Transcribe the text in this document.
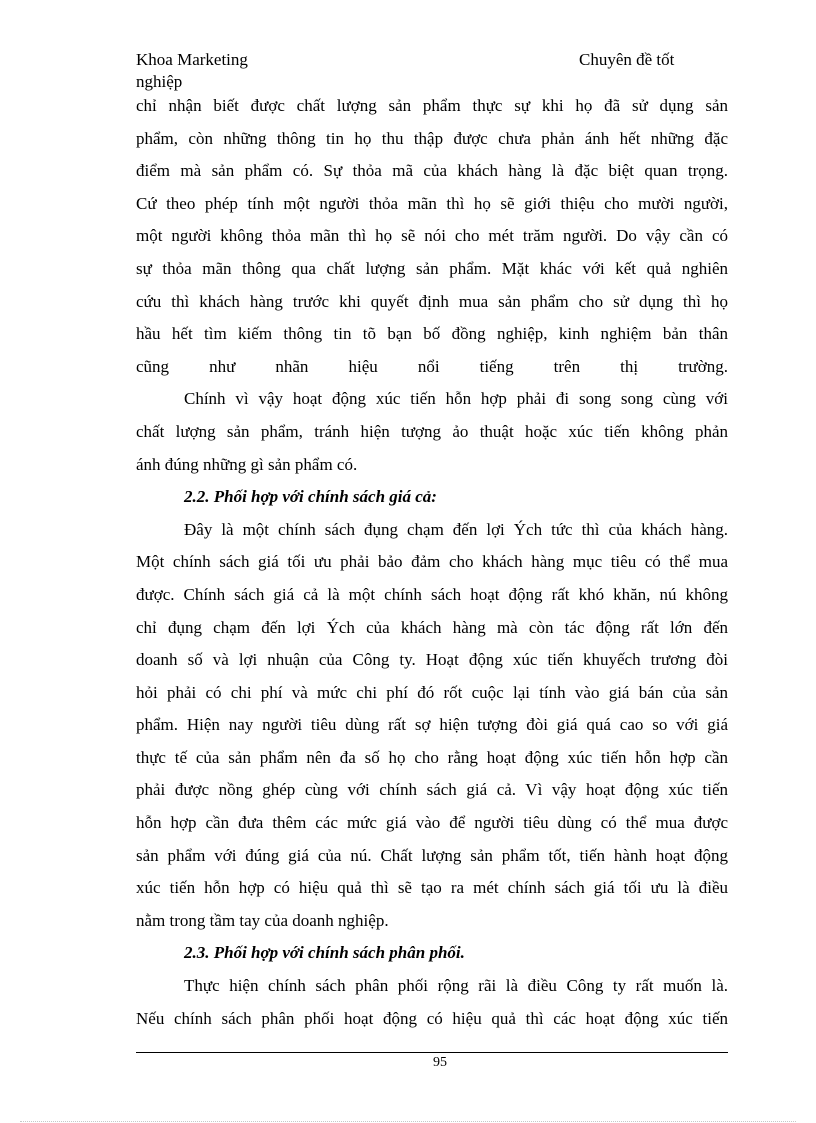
Khoa Marketing	Chuyên đề tốt
nghiệp
chỉ nhận biết được chất lượng sản phẩm thực sự khi họ đã sử dụng sản
phẩm, còn những thông tin họ thu thập được chưa phản ánh hết những đặc
điểm mà sản phẩm có. Sự thỏa mã của khách hàng là đặc biệt quan trọng.
Cứ theo phép tính một người thỏa mãn thì họ sẽ giới thiệu cho mười người,
một người không thỏa mãn thì họ sẽ nói cho mét trăm người. Do vậy cần có
sự thỏa mãn thông qua chất lượng sản phẩm. Mặt khác với kết quả nghiên
cứu thì khách hàng trước khi quyết định mua sản phẩm cho sử dụng thì họ
hầu hết tìm kiếm thông tin tõ bạn bố đồng nghiệp, kinh nghiệm bản thân
cũng như nhãn hiệu nổi tiếng trên thị trường.
Chính vì vậy hoạt động xúc tiến hỗn hợp phải đi song song cùng với
chất lượng sản phẩm, tránh hiện tượng ảo thuật hoặc xúc tiến không phản
ánh đúng những gì sản phẩm có.
2.2. Phối hợp với chính sách giá cả:
Đây là một chính sách đụng chạm đến lợi Ých tức thì của khách hàng.
Một chính sách giá tối ưu phải bảo đảm cho khách hàng mục tiêu có thể mua
được. Chính sách giá cả là một chính sách hoạt động rất khó khăn, nú không
chỉ đụng chạm đến lợi Ých của khách hàng mà còn tác động rất lớn đến
doanh số và lợi nhuận của Công ty. Hoạt động xúc tiến khuyếch trương đòi
hỏi phải có chi phí và mức chi phí đó rốt cuộc lại tính vào giá bán của sản
phẩm. Hiện nay người tiêu dùng rất sợ hiện tượng đòi giá quá cao so với giá
thực tế của sản phẩm nên đa số họ cho rằng hoạt động xúc tiến hỗn hợp cần
phải được nồng ghép cùng với chính sách giá cả. Vì vậy hoạt động xúc tiến
hỗn hợp cần đưa thêm các mức giá vào để người tiêu dùng có thể mua được
sản phẩm với đúng giá của nú. Chất lượng sản phẩm tốt, tiến hành hoạt động
xúc tiến hỗn hợp có hiệu quả thì sẽ tạo ra mét chính sách giá tối ưu là điều
nằm trong tầm tay của doanh nghiệp.
2.3. Phối hợp với chính sách phân phối.
Thực hiện chính sách phân phối rộng rãi là điều Công ty rất muốn là.
Nếu chính sách phân phối hoạt động có hiệu quả thì các hoạt động xúc tiến
95
